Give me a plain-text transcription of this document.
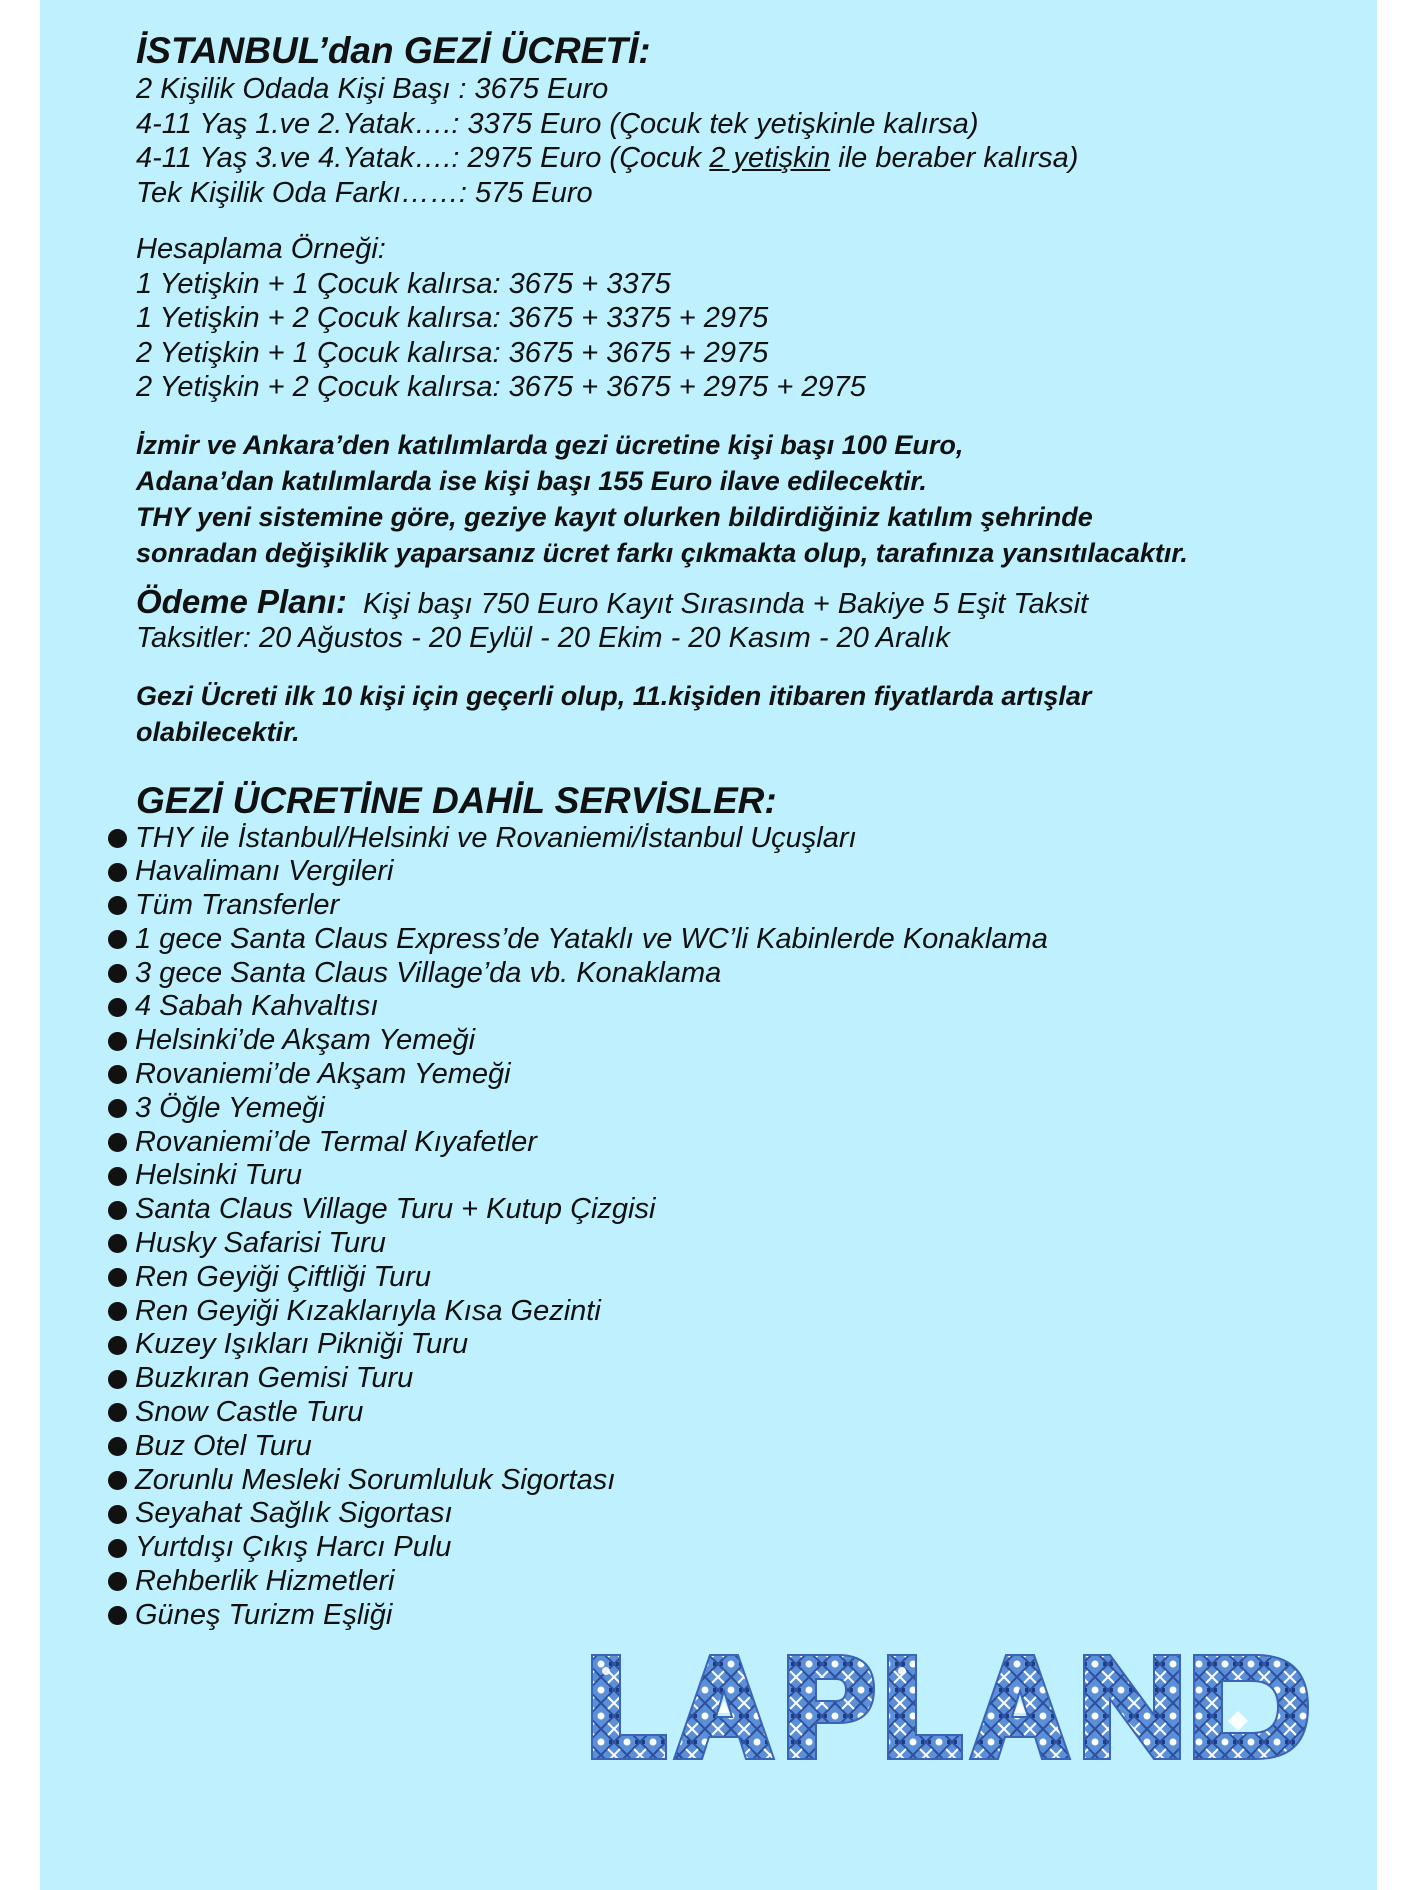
İSTANBUL’dan GEZİ ÜCRETİ:

2 Kişilik Odada Kişi Başı : 3675 Euro

4-11 Yaş 1.ve 2.Yatak….: 3375 Euro (Çocuk tek yetişkinle kalırsa)

4-11 Yaş 3.ve 4.Yatak….: 2975 Euro (Çocuk 2 yetişkin ile beraber kalırsa)

Tek Kişilik Oda Farkı……: 575 Euro

Hesaplama Örneği:

1 Yetişkin + 1 Çocuk kalırsa: 3675 + 3375

1 Yetişkin + 2 Çocuk kalırsa: 3675 + 3375 + 2975

2 Yetişkin + 1 Çocuk kalırsa: 3675 + 3675 + 2975

2 Yetişkin + 2 Çocuk kalırsa: 3675 + 3675 + 2975 + 2975

İzmir ve Ankara’den katılımlarda gezi ücretine kişi başı 100 Euro,

Adana’dan katılımlarda ise kişi başı 155 Euro ilave edilecektir.

THY yeni sistemine göre, geziye kayıt olurken bildirdiğiniz katılım şehrinde

sonradan değişiklik yaparsanız ücret farkı çıkmakta olup, tarafınıza yansıtılacaktır.

Ödeme Planı: Kişi başı 750 Euro Kayıt Sırasında + Bakiye 5 Eşit Taksit

Taksitler: 20 Ağustos - 20 Eylül - 20 Ekim - 20 Kasım - 20 Aralık

Gezi Ücreti ilk 10 kişi için geçerli olup, 11.kişiden itibaren fiyatlarda artışlar

olabilecektir.

GEZİ ÜCRETİNE DAHİL SERVİSLER:
THY ile İstanbul/Helsinki ve Rovaniemi/İstanbul Uçuşları
Havalimanı Vergileri
Tüm Transferler
1 gece Santa Claus Express’de Yataklı ve WC’li Kabinlerde Konaklama
3 gece Santa Claus Village’da vb. Konaklama
4 Sabah Kahvaltısı
Helsinki’de Akşam Yemeği
Rovaniemi’de Akşam Yemeği
3 Öğle Yemeği
Rovaniemi’de Termal Kıyafetler
Helsinki Turu
Santa Claus Village Turu + Kutup Çizgisi
Husky Safarisi Turu
Ren Geyiği Çiftliği Turu
Ren Geyiği Kızaklarıyla Kısa Gezinti
Kuzey Işıkları Pikniği Turu
Buzkıran Gemisi Turu
Snow Castle Turu
Buz Otel Turu
Zorunlu Mesleki Sorumluluk Sigortası
Seyahat Sağlık Sigortası
Yurtdışı Çıkış Harcı Pulu
Rehberlik Hizmetleri
Güneş Turizm Eşliği
